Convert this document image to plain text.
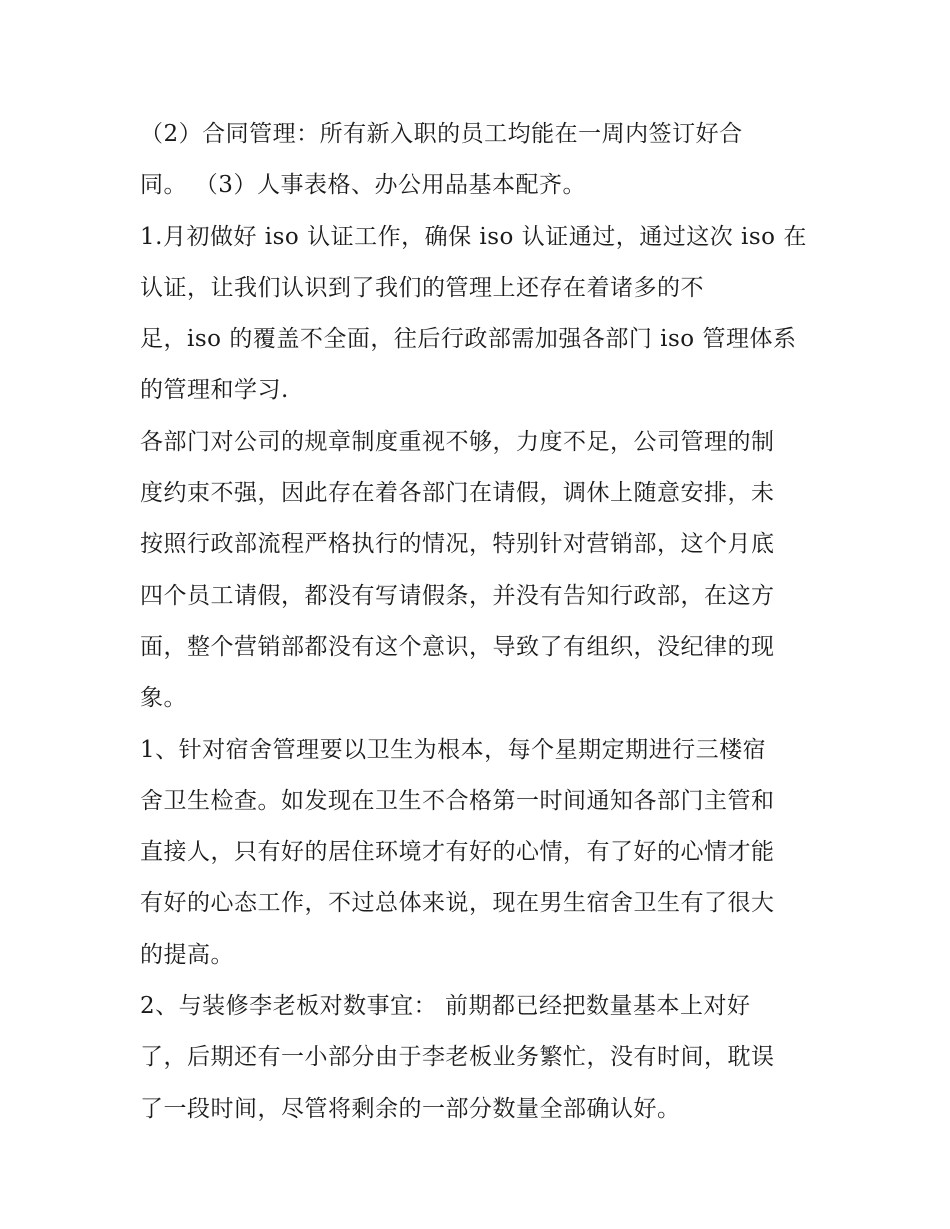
（2）合同管理：所有新入职的员工均能在一周内签订好合
同。 （3）人事表格、办公用品基本配齐。
1.月初做好 iso 认证工作，确保 iso 认证通过，通过这次 iso 在
认证，让我们认识到了我们的管理上还存在着诸多的不
足，iso 的覆盖不全面，往后行政部需加强各部门 iso 管理体系
的管理和学习.
各部门对公司的规章制度重视不够，力度不足，公司管理的制
度约束不强，因此存在着各部门在请假，调休上随意安排，未
按照行政部流程严格执行的情况，特别针对营销部，这个月底
四个员工请假，都没有写请假条，并没有告知行政部，在这方
面，整个营销部都没有这个意识，导致了有组织，没纪律的现
象。
1、针对宿舍管理要以卫生为根本，每个星期定期进行三楼宿
舍卫生检查。如发现在卫生不合格第一时间通知各部门主管和
直接人，只有好的居住环境才有好的心情，有了好的心情才能
有好的心态工作，不过总体来说，现在男生宿舍卫生有了很大
的提高。
2、与装修李老板对数事宜： 前期都已经把数量基本上对好
了，后期还有一小部分由于李老板业务繁忙，没有时间，耽误
了一段时间，尽管将剩余的一部分数量全部确认好。
